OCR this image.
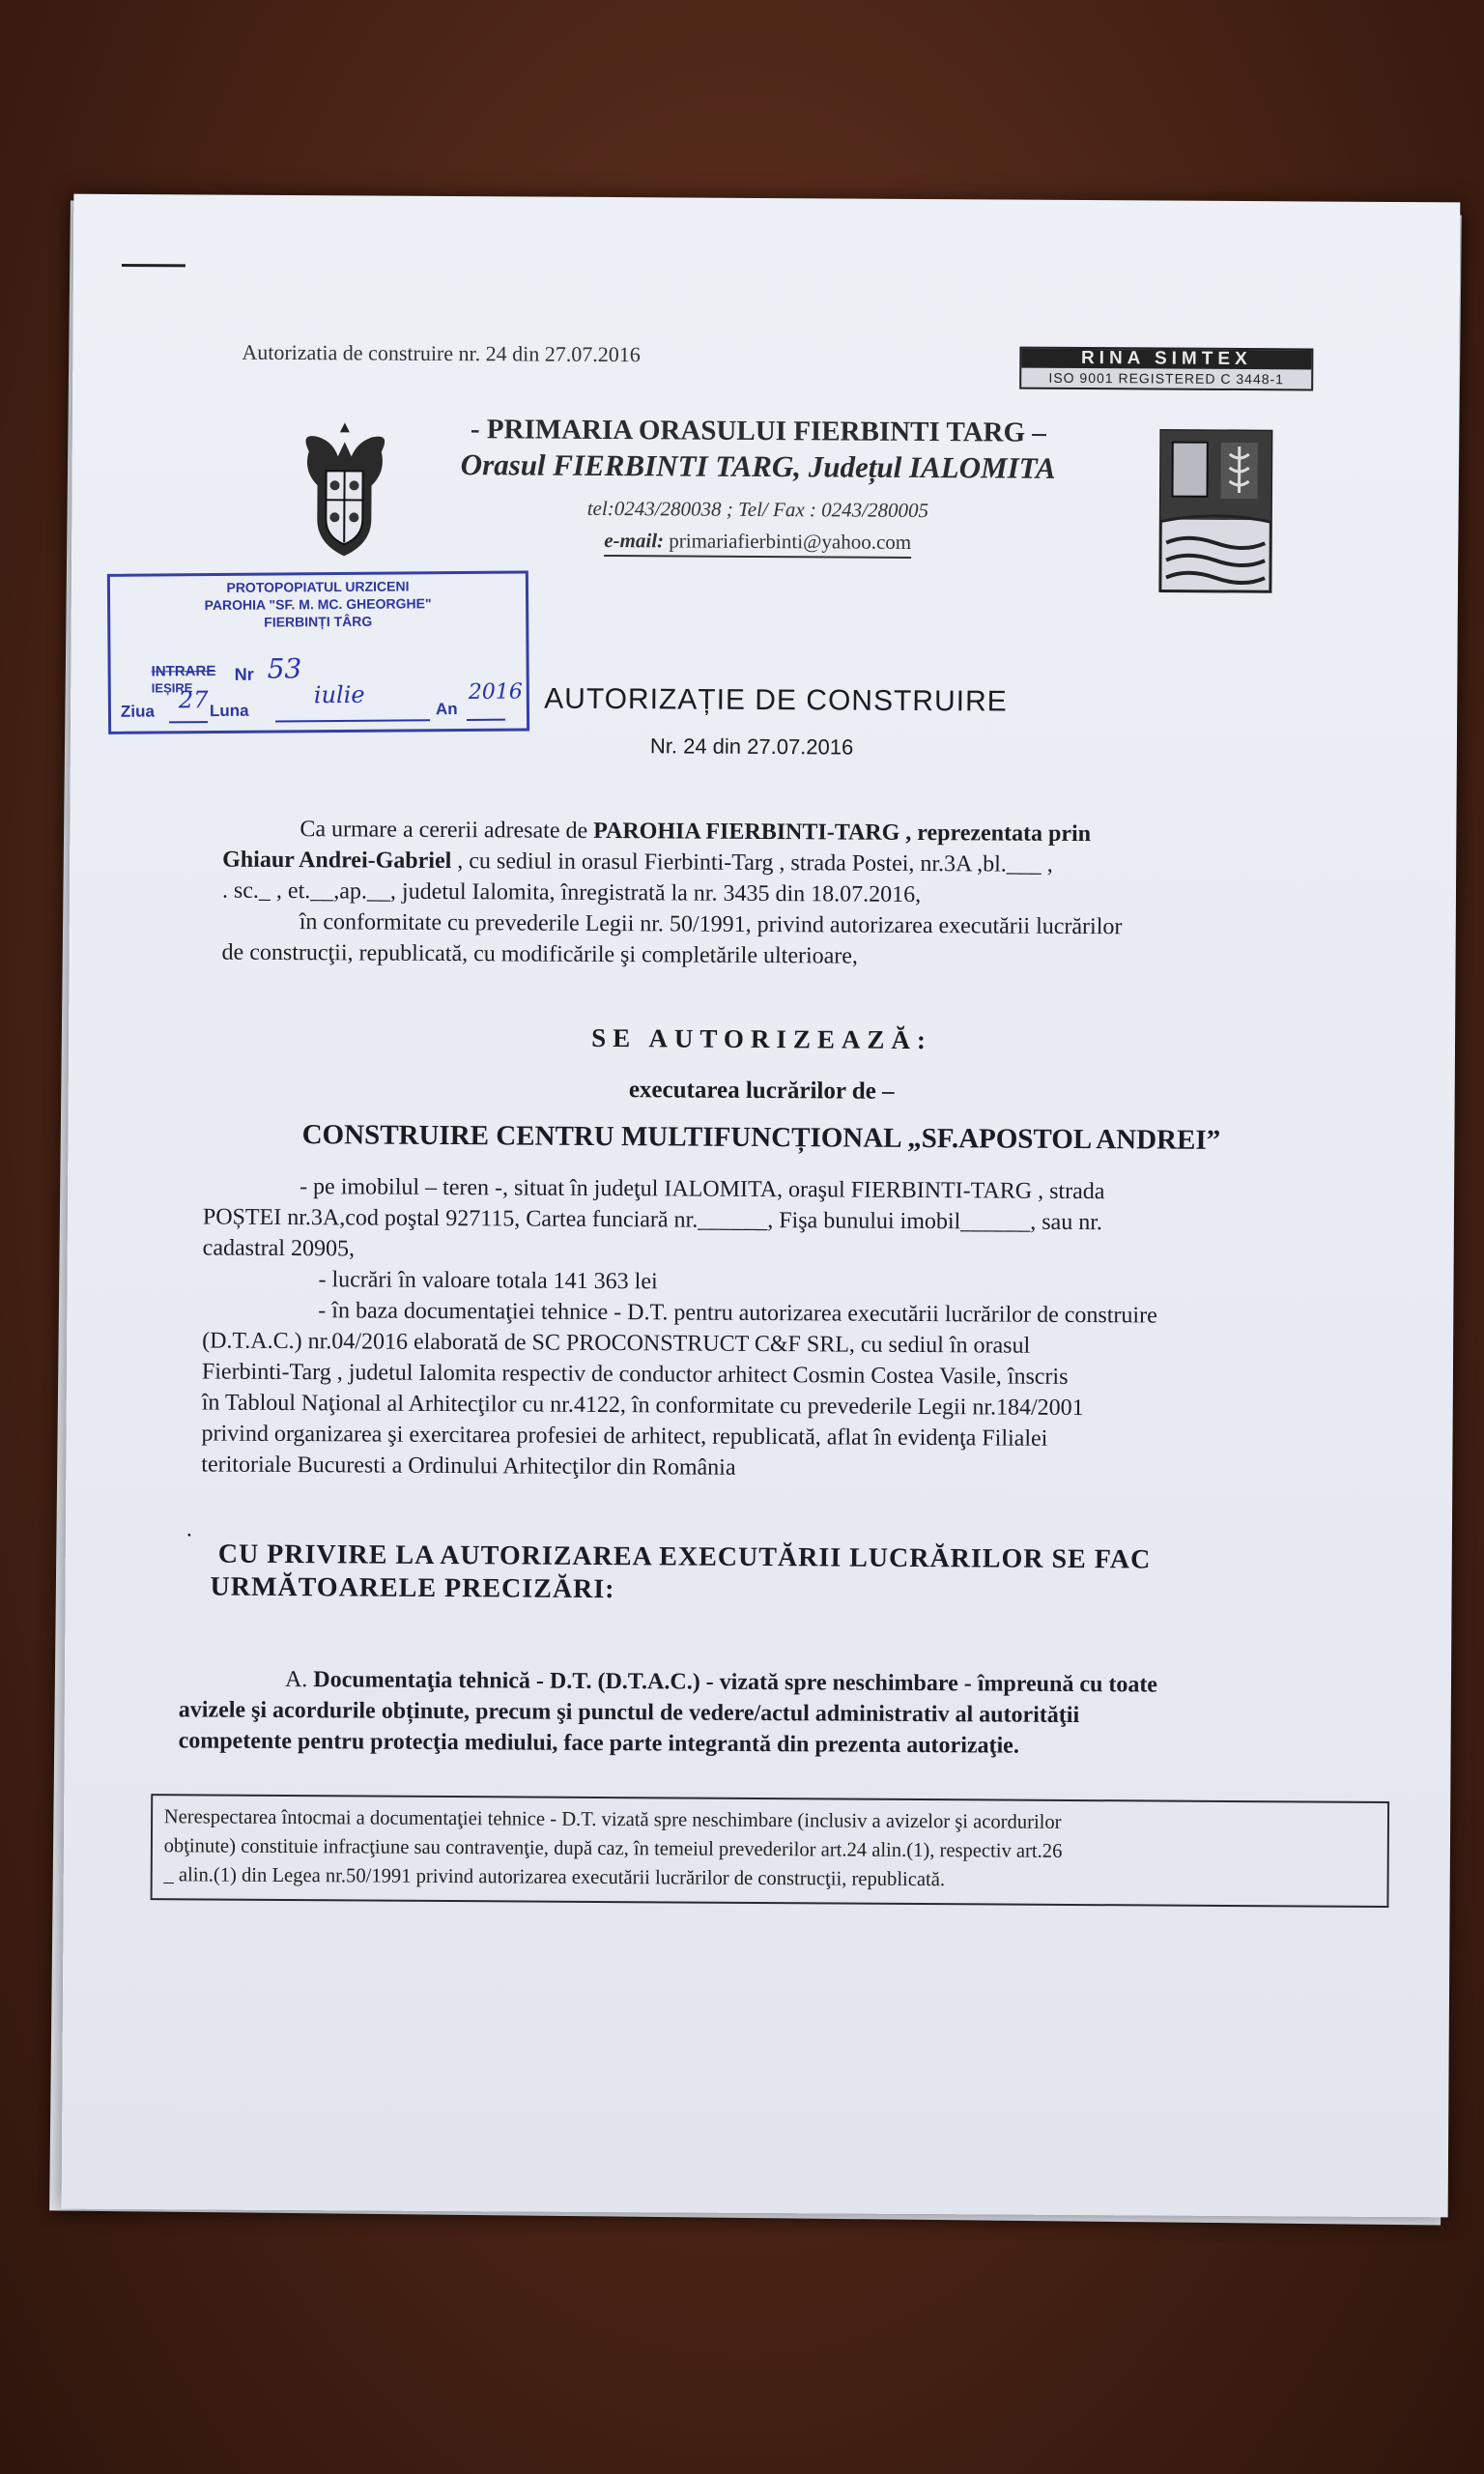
Autorizatia de construire nr. 24 din 27.07.2016	RINA SIMTEX
ISO 9001 REGISTERED C 3448-1
- PRIMARIA ORASULUI FIERBINTI TARG –
Orasul FIERBINTI TARG, Județul IALOMITA
tel:0243/280038 ; Tel/ Fax : 0243/280005
e-mail: primariafierbinti@yahoo.com
PROTOPOPIATUL URZICENI
PAROHIA "SF. M. MC. GHEORGHE"
FIERBINȚI TÂRG
INTRARE
IEȘIRE
Nr 53
Ziua 27 Luna
iulie
An
2016 AUTORIZAȚIE DE CONSTRUIRE
Nr. 24 din 27.07.2016
Ca urmare a cererii adresate de PAROHIA FIERBINTI-TARG , reprezentata prin
Ghiaur Andrei-Gabriel , cu sediul in orasul Fierbinti-Targ , strada Postei, nr.3A ,bl.___ ,
. sc._ , et.__,ap.__, judetul Ialomita, înregistrată la nr. 3435 din 18.07.2016,
în conformitate cu prevederile Legii nr. 50/1991, privind autorizarea executării lucrărilor
de construcţii, republicată, cu modificările şi completările ulterioare,
SE AUTORIZEAZĂ:
executarea lucrărilor de –
CONSTRUIRE CENTRU MULTIFUNCȚIONAL „SF.APOSTOL ANDREI”
- pe imobilul – teren -, situat în judeţul IALOMITA, oraşul FIERBINTI-TARG , strada
POȘTEI nr.3A,cod poştal 927115, Cartea funciară nr.______, Fişa bunului imobil______, sau nr.
cadastral 20905,
- lucrări în valoare totala 141 363 lei
- în baza documentaţiei tehnice - D.T. pentru autorizarea executării lucrărilor de construire
(D.T.A.C.) nr.04/2016 elaborată de SC PROCONSTRUCT C&F SRL, cu sediul în orasul
Fierbinti-Targ , judetul Ialomita respectiv de conductor arhitect Cosmin Costea Vasile, înscris
în Tabloul Naţional al Arhitecţilor cu nr.4122, în conformitate cu prevederile Legii nr.184/2001
privind organizarea şi exercitarea profesiei de arhitect, republicată, aflat în evidenţa Filialei
teritoriale Bucuresti a Ordinului Arhitecţilor din România
.
CU PRIVIRE LA AUTORIZAREA EXECUTĂRII LUCRĂRILOR SE FAC
URMĂTOARELE PRECIZĂRI:
A. Documentaţia tehnică - D.T. (D.T.A.C.) - vizată spre neschimbare - împreună cu toate
avizele şi acordurile obținute, precum şi punctul de vedere/actul administrativ al autorităţii
competente pentru protecţia mediului, face parte integrantă din prezenta autorizaţie.
Nerespectarea întocmai a documentaţiei tehnice - D.T. vizată spre neschimbare (inclusiv a avizelor şi acordurilor
obţinute) constituie infracţiune sau contravenţie, după caz, în temeiul prevederilor art.24 alin.(1), respectiv art.26
_ alin.(1) din Legea nr.50/1991 privind autorizarea executării lucrărilor de construcţii, republicată.
